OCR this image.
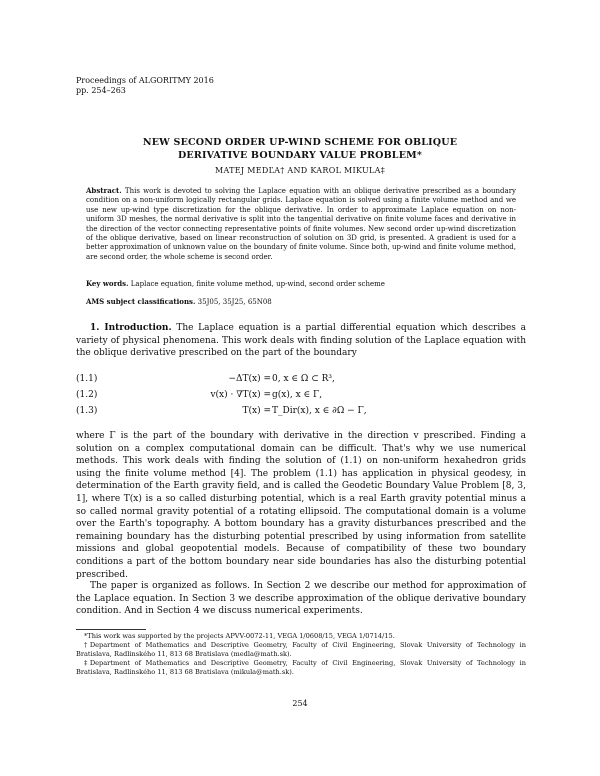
Proceedings of ALGORITMY 2016
pp. 254–263
NEW SECOND ORDER UP-WIND SCHEME FOR OBLIQUE
DERIVATIVE BOUNDARY VALUE PROBLEM*
MATEJ MEDĽA† AND KAROL MIKULA‡

Abstract. This work is devoted to solving the Laplace equation with an oblique derivative prescribed as a boundary condition on a non-uniform logically rectangular grids. Laplace equation is solved using a finite volume method and we use new up-wind type discretization for the oblique derivative. In order to approximate Laplace equation on non-uniform 3D meshes, the normal derivative is split into the tangential derivative on finite volume faces and derivative in the direction of the vector connecting representative points of finite volumes. New second order up-wind discretization of the oblique derivative, based on linear reconstruction of solution on 3D grid, is presented. A gradient is used for a better approximation of unknown value on the boundary of finite volume. Since both, up-wind and finite volume method, are second order, the whole scheme is second order.

Key words. Laplace equation, finite volume method, up-wind, second order scheme

AMS subject classifications. 35J05, 35J25, 65N08

1. Introduction. The Laplace equation is a partial differential equation which describes a variety of physical phenomena. This work deals with finding solution of the Laplace equation with the oblique derivative prescribed on the part of the boundary

(1.1)	−ΔT(x) = 0, x ∈ Ω ⊂ R³,
(1.2)	v(x) · ∇T(x) = g(x), x ∈ Γ,
(1.3)	T(x) = T_Dir(x), x ∈ ∂Ω − Γ,

where Γ is the part of the boundary with derivative in the direction v prescribed. Finding a solution on a complex computational domain can be difficult. That's why we use numerical methods. This work deals with finding the solution of (1.1) on non-uniform hexahedron grids using the finite volume method [4]. The problem (1.1) has application in physical geodesy, in determination of the Earth gravity field, and is called the Geodetic Boundary Value Problem [8, 3, 1], where T(x) is a so called disturbing potential, which is a real Earth gravity potential minus a so called normal gravity potential of a rotating ellipsoid. The computational domain is a volume over the Earth's topography. A bottom boundary has a gravity disturbances prescribed and the remaining boundary has the disturbing potential prescribed by using information from satellite missions and global geopotential models. Because of compatibility of these two boundary conditions a part of the bottom boundary near side boundaries has also the disturbing potential prescribed.

The paper is organized as follows. In Section 2 we describe our method for approximation of the Laplace equation. In Section 3 we describe approximation of the oblique derivative boundary condition. And in Section 4 we discuss numerical experiments.

*This work was supported by the projects APVV-0072-11, VEGA 1/0608/15, VEGA 1/0714/15.

†Department of Mathematics and Descriptive Geometry, Faculty of Civil Engineering, Slovak University of Technology in Bratislava, Radlinského 11, 813 68 Bratislava (medla@math.sk).

‡Department of Mathematics and Descriptive Geometry, Faculty of Civil Engineering, Slovak University of Technology in Bratislava, Radlinského 11, 813 68 Bratislava (mikula@math.sk).

254
